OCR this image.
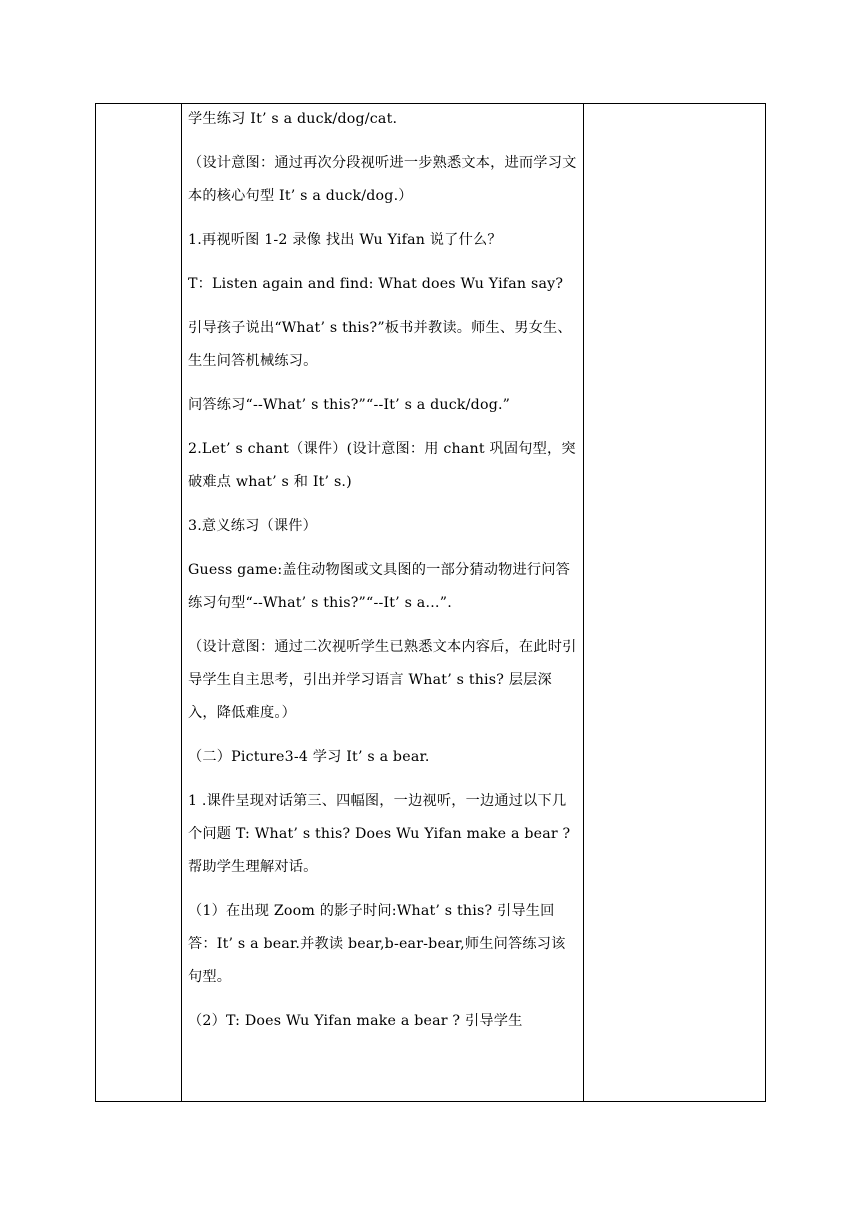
学生练习 It’ s a duck/dog/cat.

（设计意图：通过再次分段视听进一步熟悉文本，进而学习文本的核心句型 It’ s a duck/dog.）

1.再视听图 1-2 录像 找出 Wu Yifan 说了什么？

T：Listen again and find: What does Wu Yifan say?

引导孩子说出“What’ s this?”板书并教读。师生、男女生、生生问答机械练习。

问答练习“--What’ s this?”“--It’ s a duck/dog.”

2.Let’ s chant（课件）(设计意图：用 chant 巩固句型，突破难点 what’ s 和 It’ s.)

3.意义练习（课件）

Guess game:盖住动物图或文具图的一部分猜动物进行问答练习句型“--What’ s this?”“--It’ s a…”.

（设计意图：通过二次视听学生已熟悉文本内容后，在此时引导学生自主思考，引出并学习语言 What’ s this? 层层深入，降低难度。）

（二）Picture3-4 学习 It’ s a bear.

1 .课件呈现对话第三、四幅图，一边视听，一边通过以下几个问题 T: What’ s this? Does Wu Yifan make a bear ? 帮助学生理解对话。

（1）在出现 Zoom 的影子时问:What’ s this? 引导生回答：It’ s a bear.并教读 bear,b-ear-bear,师生问答练习该句型。

（2）T: Does Wu Yifan make a bear ? 引导学生
